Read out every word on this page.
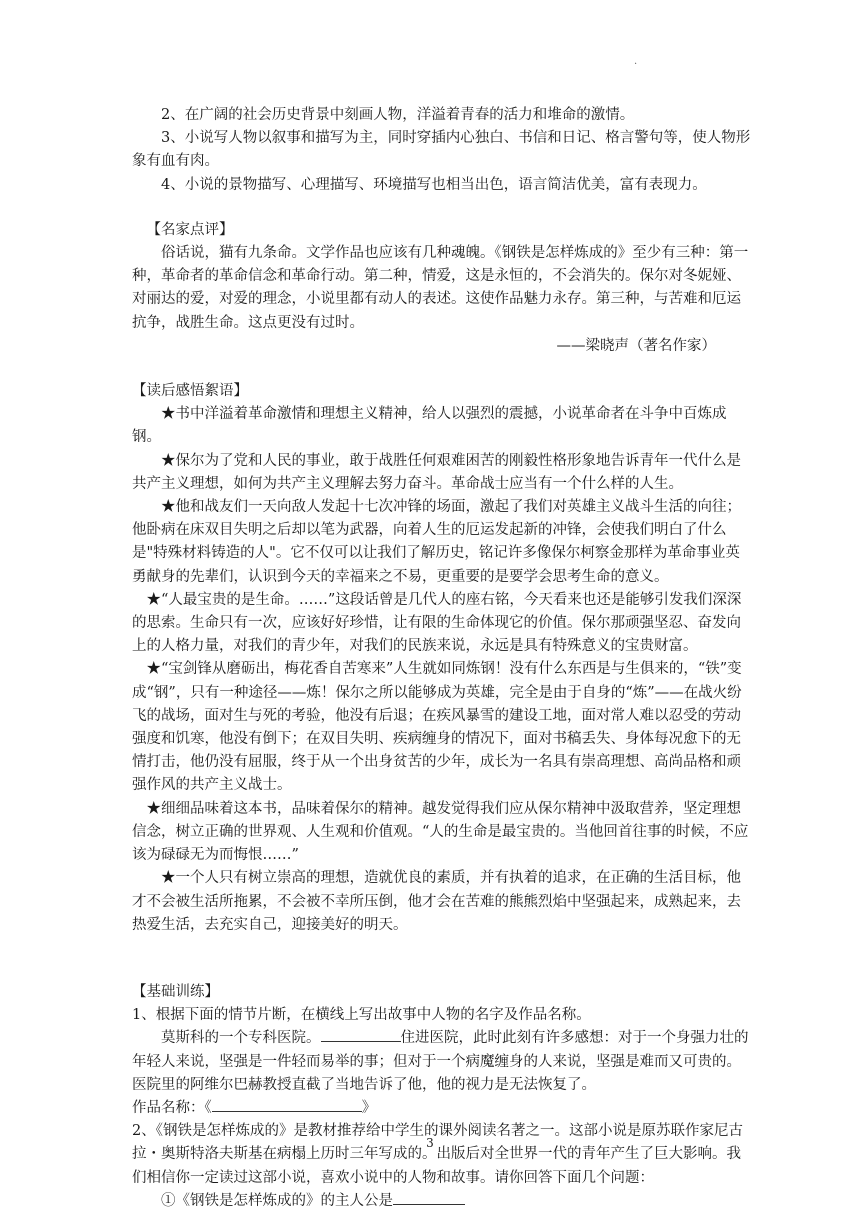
.

2、在广阔的社会历史背景中刻画人物，洋溢着青春的活力和堆命的激情。

3、小说写人物以叙事和描写为主，同时穿插内心独白、书信和日记、格言警句等，使人物形象有血有肉。

4、小说的景物描写、心理描写、环境描写也相当出色，语言简洁优美，富有表现力。

【名家点评】

俗话说，猫有九条命。文学作品也应该有几种魂魄。《钢铁是怎样炼成的》至少有三种：第一种，革命者的革命信念和革命行动。第二种，情爱，这是永恒的，不会消失的。保尔对冬妮娅、对丽达的爱，对爱的理念，小说里都有动人的表述。这使作品魅力永存。第三种，与苦难和厄运抗争，战胜生命。这点更没有过时。

——梁晓声（著名作家）

【读后感悟絮语】

★书中洋溢着革命激情和理想主义精神，给人以强烈的震撼，小说革命者在斗争中百炼成钢。

★保尔为了党和人民的事业，敢于战胜任何艰难困苦的刚毅性格形象地告诉青年一代什么是共产主义理想，如何为共产主义理解去努力奋斗。革命战士应当有一个什么样的人生。

★他和战友们一天向敌人发起十七次冲锋的场面，激起了我们对英雄主义战斗生活的向往；他卧病在床双目失明之后却以笔为武器，向着人生的厄运发起新的冲锋，会使我们明白了什么是"特殊材料铸造的人"。它不仅可以让我们了解历史，铭记许多像保尔柯察金那样为革命事业英勇献身的先辈们，认识到今天的幸福来之不易，更重要的是要学会思考生命的意义。

★“人最宝贵的是生命。……”这段话曾是几代人的座右铭，今天看来也还是能够引发我们深深的思索。生命只有一次，应该好好珍惜，让有限的生命体现它的价值。保尔那顽强坚忍、奋发向上的人格力量，对我们的青少年，对我们的民族来说，永远是具有特殊意义的宝贵财富。

★“宝剑锋从磨砺出，梅花香自苦寒来”人生就如同炼钢！没有什么东西是与生俱来的，“铁”变成“钢”，只有一种途径——炼！保尔之所以能够成为英雄，完全是由于自身的“炼”——在战火纷飞的战场，面对生与死的考验，他没有后退；在疾风暴雪的建设工地，面对常人难以忍受的劳动强度和饥寒，他没有倒下；在双目失明、疾病缠身的情况下，面对书稿丢失、身体每况愈下的无情打击，他仍没有屈服，终于从一个出身贫苦的少年，成长为一名具有崇高理想、高尚品格和顽强作风的共产主义战士。

★细细品味着这本书，品味着保尔的精神。越发觉得我们应从保尔精神中汲取营养，坚定理想信念，树立正确的世界观、人生观和价值观。“人的生命是最宝贵的。当他回首往事的时候，不应该为碌碌无为而悔恨……”

★一个人只有树立崇高的理想，造就优良的素质，并有执着的追求，在正确的生活目标，他才不会被生活所拖累，不会被不幸所压倒，他才会在苦难的熊熊烈焰中坚强起来，成熟起来，去热爱生活，去充实自己，迎接美好的明天。

【基础训练】

1、根据下面的情节片断，在横线上写出故事中人物的名字及作品名称。

莫斯科的一个专科医院。	住进医院，此时此刻有许多感想：对于一个身强力壮的年轻人来说，坚强是一件轻而易举的事；但对于一个病魔缠身的人来说，坚强是难而又可贵的。医院里的阿维尔巴赫教授直截了当地告诉了他，他的视力是无法恢复了。

作品名称：《	》

2、《钢铁是怎样炼成的》是教材推荐给中学生的课外阅读名著之一。这部小说是原苏联作家尼古拉・奥斯特洛夫斯基在病榻上历时三年写成的。出版后对全世界一代的青年产生了巨大影响。我们相信你一定读过这部小说，喜欢小说中的人物和故事。请你回答下面几个问题：

①《钢铁是怎样炼成的》的主人公是

3
